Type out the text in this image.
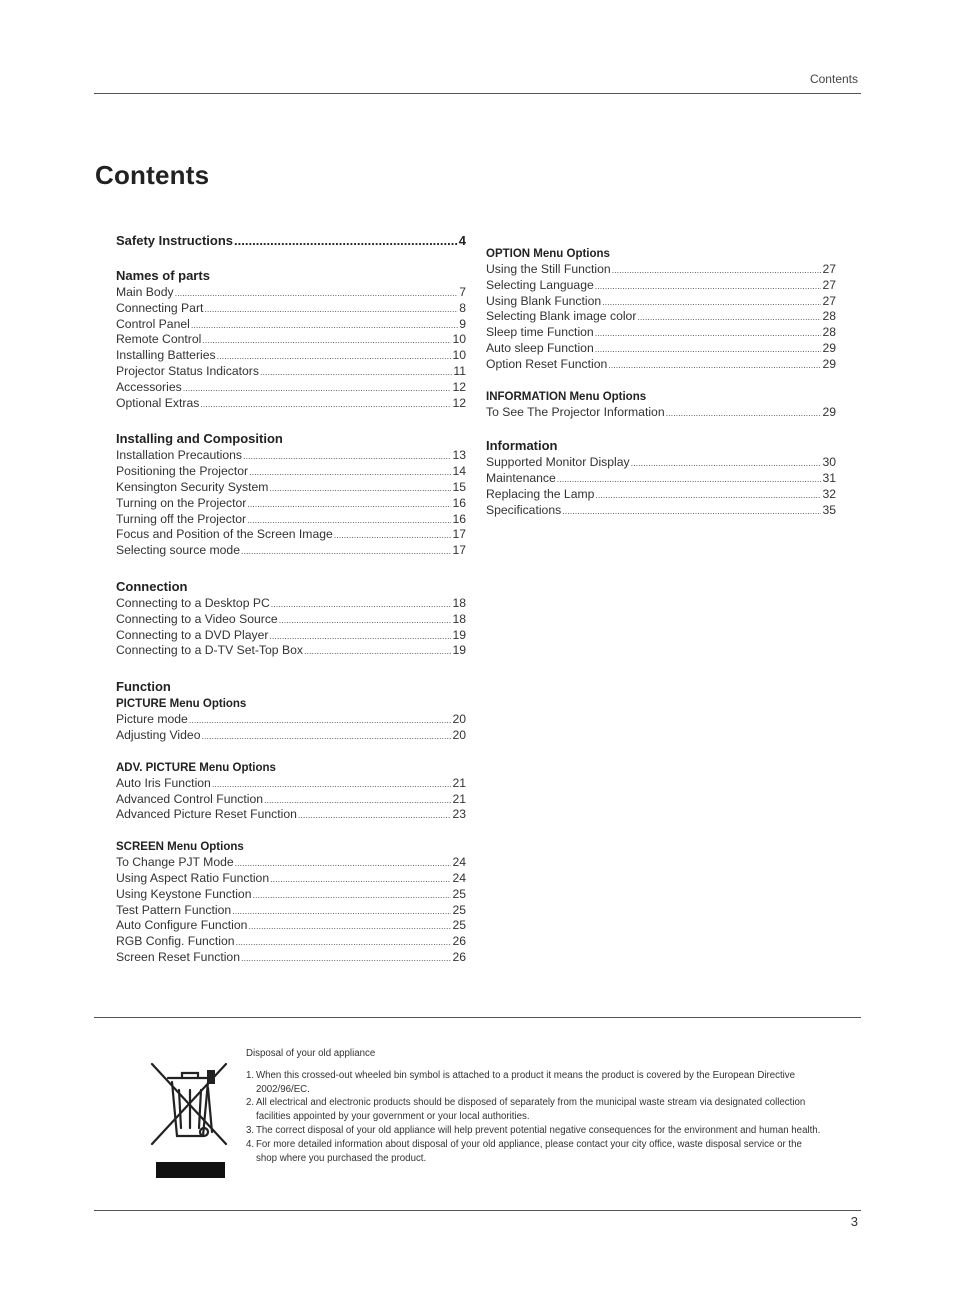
Contents
Contents
Safety Instructions .....	4
Names of parts
Main Body .....	7
Connecting Part .....	8
Control Panel .....	9
Remote Control .....	10
Installing Batteries .....	10
Projector Status Indicators .....	11
Accessories .....	12
Optional Extras .....	12
Installing and Composition
Installation Precautions .....	13
Positioning the Projector .....	14
Kensington Security System .....	15
Turning on the Projector .....	16
Turning off the Projector .....	16
Focus and Position of the Screen Image .....	17
Selecting source mode .....	17
Connection
Connecting to a Desktop PC .....	18
Connecting to a Video Source .....	18
Connecting to a DVD Player .....	19
Connecting to a D-TV Set-Top Box .....	19
Function
PICTURE Menu Options
Picture mode .....	20
Adjusting Video .....	20
ADV. PICTURE Menu Options
Auto Iris Function .....	21
Advanced Control Function .....	21
Advanced Picture Reset Function .....	23
SCREEN Menu Options
To Change PJT Mode .....	24
Using Aspect Ratio Function .....	24
Using Keystone Function .....	25
Test Pattern Function .....	25
Auto Configure Function .....	25
RGB Config. Function .....	26
Screen Reset Function .....	26
OPTION Menu Options
Using the Still Function .....	27
Selecting Language .....	27
Using Blank Function .....	27
Selecting Blank image color .....	28
Sleep time Function .....	28
Auto sleep Function .....	29
Option Reset Function .....	29
INFORMATION Menu Options
To See The Projector Information .....	29
Information
Supported Monitor Display .....	30
Maintenance .....	31
Replacing the Lamp .....	32
Specifications .....	35
Disposal of your old appliance
1. When this crossed-out wheeled bin symbol is attached to a product it means the product is covered by the European Directive 2002/96/EC.
2. All electrical and electronic products should be disposed of separately from the municipal waste stream via designated collection facilities appointed by your government or your local authorities.
3. The correct disposal of your old appliance will help prevent potential negative consequences for the environment and human health.
4. For more detailed information about disposal of your old appliance, please contact your city office, waste disposal service or the shop where you purchased the product.
3
